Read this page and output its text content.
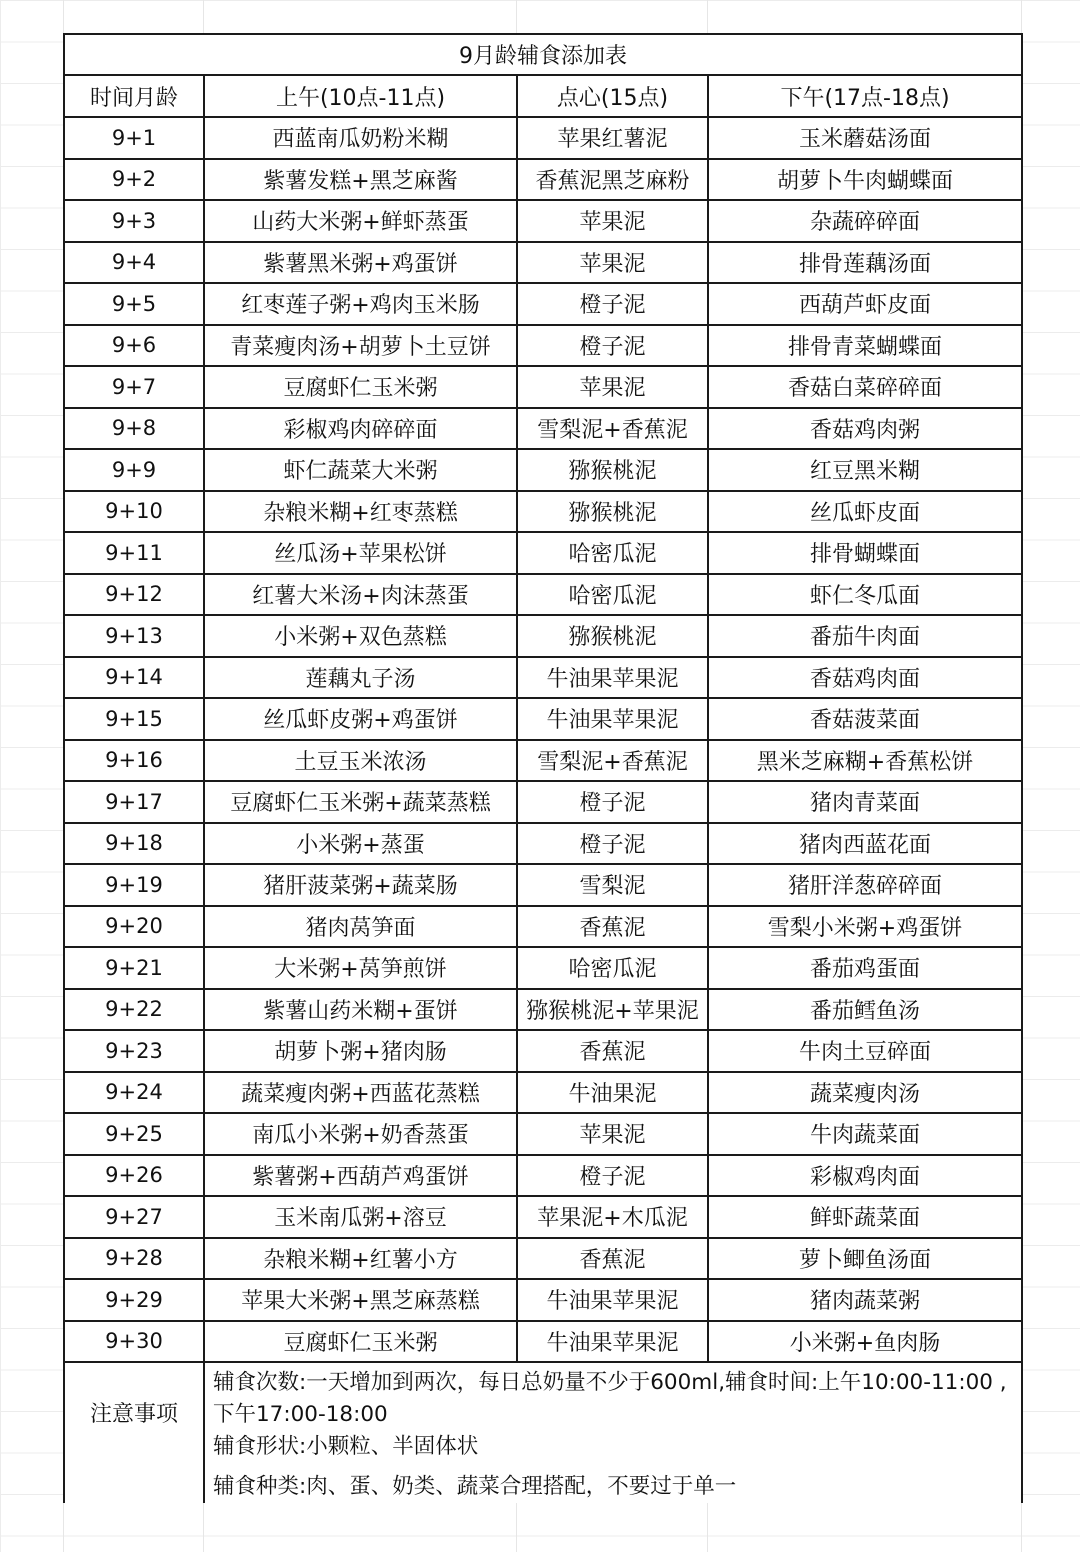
9月龄辅食添加表			
时间月龄	上午(10点-11点)	点心(15点)	下午(17点-18点)
9+1	西蓝南瓜奶粉米糊	苹果红薯泥	玉米蘑菇汤面
9+2	紫薯发糕+黑芝麻酱	香蕉泥黑芝麻粉	胡萝卜牛肉蝴蝶面
9+3	山药大米粥+鲜虾蒸蛋	苹果泥	杂蔬碎碎面
9+4	紫薯黑米粥+鸡蛋饼	苹果泥	排骨莲藕汤面
9+5	红枣莲子粥+鸡肉玉米肠	橙子泥	西葫芦虾皮面
9+6	青菜瘦肉汤+胡萝卜土豆饼	橙子泥	排骨青菜蝴蝶面
9+7	豆腐虾仁玉米粥	苹果泥	香菇白菜碎碎面
9+8	彩椒鸡肉碎碎面	雪梨泥+香蕉泥	香菇鸡肉粥
9+9	虾仁蔬菜大米粥	猕猴桃泥	红豆黑米糊
9+10	杂粮米糊+红枣蒸糕	猕猴桃泥	丝瓜虾皮面
9+11	丝瓜汤+苹果松饼	哈密瓜泥	排骨蝴蝶面
9+12	红薯大米汤+肉沫蒸蛋	哈密瓜泥	虾仁冬瓜面
9+13	小米粥+双色蒸糕	猕猴桃泥	番茄牛肉面
9+14	莲藕丸子汤	牛油果苹果泥	香菇鸡肉面
9+15	丝瓜虾皮粥+鸡蛋饼	牛油果苹果泥	香菇菠菜面
9+16	土豆玉米浓汤	雪梨泥+香蕉泥	黑米芝麻糊+香蕉松饼
9+17	豆腐虾仁玉米粥+蔬菜蒸糕	橙子泥	猪肉青菜面
9+18	小米粥+蒸蛋	橙子泥	猪肉西蓝花面
9+19	猪肝菠菜粥+蔬菜肠	雪梨泥	猪肝洋葱碎碎面
9+20	猪肉莴笋面	香蕉泥	雪梨小米粥+鸡蛋饼
9+21	大米粥+莴笋煎饼	哈密瓜泥	番茄鸡蛋面
9+22	紫薯山药米糊+蛋饼	猕猴桃泥+苹果泥	番茄鳕鱼汤
9+23	胡萝卜粥+猪肉肠	香蕉泥	牛肉土豆碎面
9+24	蔬菜瘦肉粥+西蓝花蒸糕	牛油果泥	蔬菜瘦肉汤
9+25	南瓜小米粥+奶香蒸蛋	苹果泥	牛肉蔬菜面
9+26	紫薯粥+西葫芦鸡蛋饼	橙子泥	彩椒鸡肉面
9+27	玉米南瓜粥+溶豆	苹果泥+木瓜泥	鲜虾蔬菜面
9+28	杂粮米糊+红薯小方	香蕉泥	萝卜鲫鱼汤面
9+29	苹果大米粥+黑芝麻蒸糕	牛油果苹果泥	猪肉蔬菜粥
9+30	豆腐虾仁玉米粥	牛油果苹果泥	小米粥+鱼肉肠
注意事项	辅食次数:一天增加到两次，每日总奶量不少于600ml,辅食时间:上午10:00-11:00 ,下午17:00-18:00

辅食形状:小颗粒、半固体状

辅食种类:肉、蛋、奶类、蔬菜合理搭配，不要过于单一		
